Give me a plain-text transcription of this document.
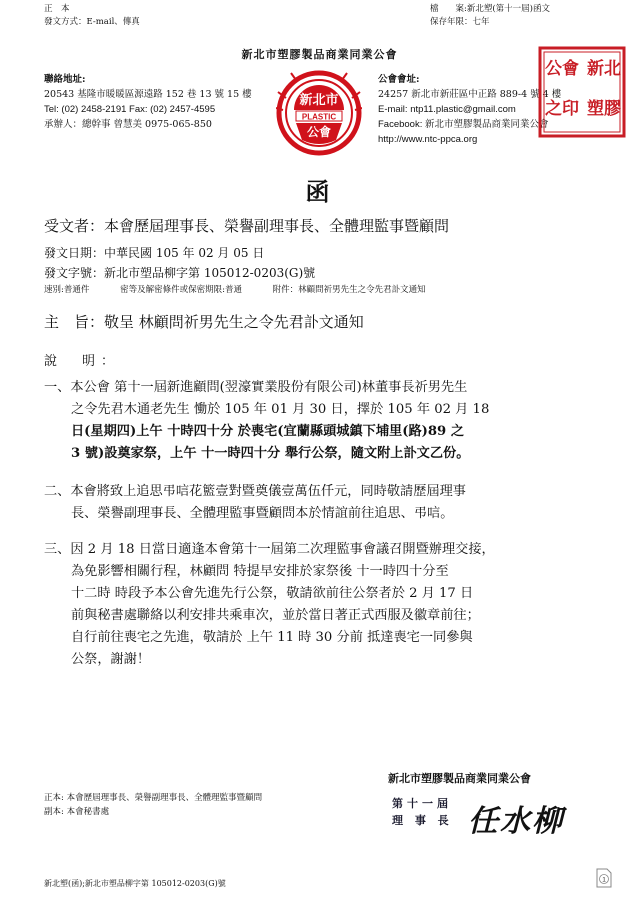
正　本
發文方式：E-mail、傳真
檔　　案:新北塑(第十一屆)函文
保存年限：七年
新北市塑膠製品商業同業公會
聯絡地址:
20543 基隆市暖暖區源遠路 152 巷 13 號 15 樓
Tel: (02) 2458-2191 Fax: (02) 2457-4595
承辦人：總幹事 曾慧美 0975-065-850
新北市
PLASTIC
公會
公會會址:
24257 新北市新莊區中正路 889-4 號 4 樓
E-mail: ntp11.plastic@gmail.com
Facebook: 新北市塑膠製品商業同業公會
http://www.ntc-ppca.org
新北
塑膠
公會
之印
函
受文者：本會歷屆理事長、榮譽副理事長、全體理監事暨顧問
發文日期：中華民國 105 年 02 月 05 日
發文字號：新北市塑品柳字第 105012-0203(G)號
速別:普通件	密等及解密條件或保密期限:普通	附件：林顧問祈男先生之令先君訃文通知
主　旨：敬呈 林顧問祈男先生之令先君訃文通知
說　明：
一、本公會 第十一屆新進顧問(翌濠實業股份有限公司)林董事長祈男先生
之令先君木通老先生 慟於 105 年 01 月 30 日，擇於 105 年 02 月 18
日(星期四)上午 十時四十分 於喪宅(宜蘭縣頭城鎮下埔里(路)89 之
3 號)設奠家祭，上午 十一時四十分 舉行公祭，隨文附上訃文乙份。
二、本會將致上追思弔唁花籃壹對暨奠儀壹萬伍仟元，同時敬請歷屆理事
長、榮譽副理事長、全體理監事暨顧問本於情誼前往追思、弔唁。
三、因 2 月 18 日當日適逢本會第十一屆第二次理監事會議召開暨辦理交接，
為免影響相關行程，林顧問 特提早安排於家祭後 十一時四十分至
十二時 時段予本公會先進先行公祭，敬請欲前往公祭者於 2 月 17 日
前與秘書處聯絡以利安排共乘車次，並於當日著正式西服及徽章前往；
自行前往喪宅之先進，敬請於 上午 11 時 30 分前 抵達喪宅一同參與
公祭，謝謝！
正本: 本會歷屆理事長、榮譽副理事長、全體理監事暨顧問
副本: 本會秘書處
新北市塑膠製品商業同業公會
第十一屆
理 事 長 任水柳
新北塑(函);新北市塑品柳字第 105012-0203(G)號	1
